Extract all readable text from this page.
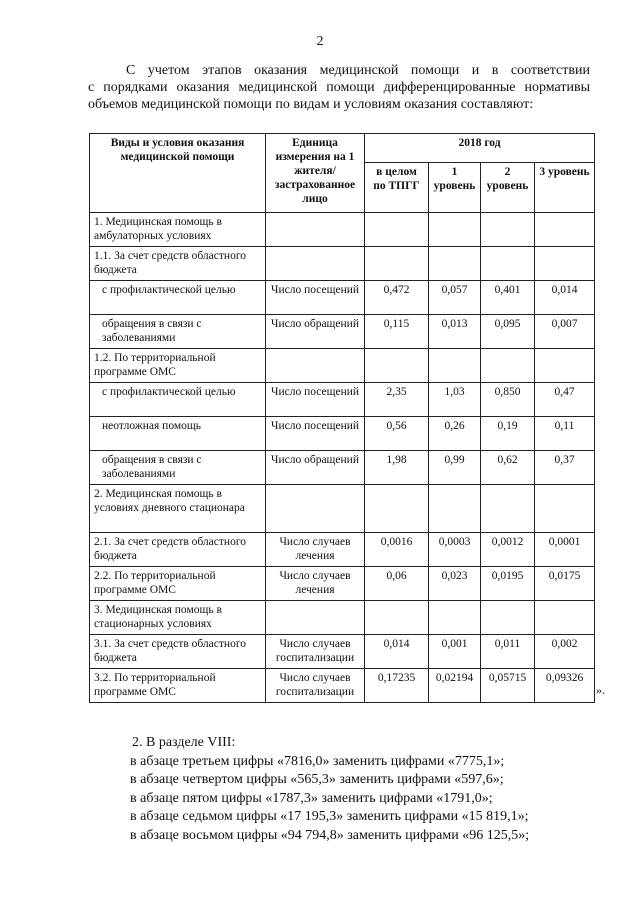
2
С учетом этапов оказания медицинской помощи и в соответствии
с порядками оказания медицинской помощи дифференцированные нормативы
объемов медицинской помощи по видам и условиям оказания составляют:
Виды и условия оказания медицинской помощи	Единица измерения на 1 жителя/ застрахованное лицо	2018 год			
		в целом по ТПГГ	1 уровень	2 уровень	3 уровень
1. Медицинская помощь в амбулаторных условиях					
1.1. За счет средств областного бюджета					
с профилактической целью	Число посещений	0,472	0,057	0,401	0,014
обращения в связи с заболеваниями	Число обращений	0,115	0,013	0,095	0,007
1.2. По территориальной программе ОМС					
с профилактической целью	Число посещений	2,35	1,03	0,850	0,47
неотложная помощь	Число посещений	0,56	0,26	0,19	0,11
обращения в связи с заболеваниями	Число обращений	1,98	0,99	0,62	0,37
2. Медицинская помощь в условиях дневного стационара					
2.1. За счет средств областного бюджета	Число случаев лечения	0,0016	0,0003	0,0012	0,0001
2.2. По территориальной программе ОМС	Число случаев лечения	0,06	0,023	0,0195	0,0175
3. Медицинская помощь в стационарных условиях					
3.1. За счет средств областного бюджета	Число случаев госпитализации	0,014	0,001	0,011	0,002
3.2. По территориальной программе ОМС	Число случаев госпитализации	0,17235	0,02194	0,05715	0,09326
».
2. В разделе VIII:
в абзаце третьем цифры «7816,0» заменить цифрами «7775,1»;
в абзаце четвертом цифры «565,3» заменить цифрами «597,6»;
в абзаце пятом цифры «1787,3» заменить цифрами «1791,0»;
в абзаце седьмом цифры «17 195,3» заменить цифрами «15 819,1»;
в абзаце восьмом цифры «94 794,8» заменить цифрами «96 125,5»;
